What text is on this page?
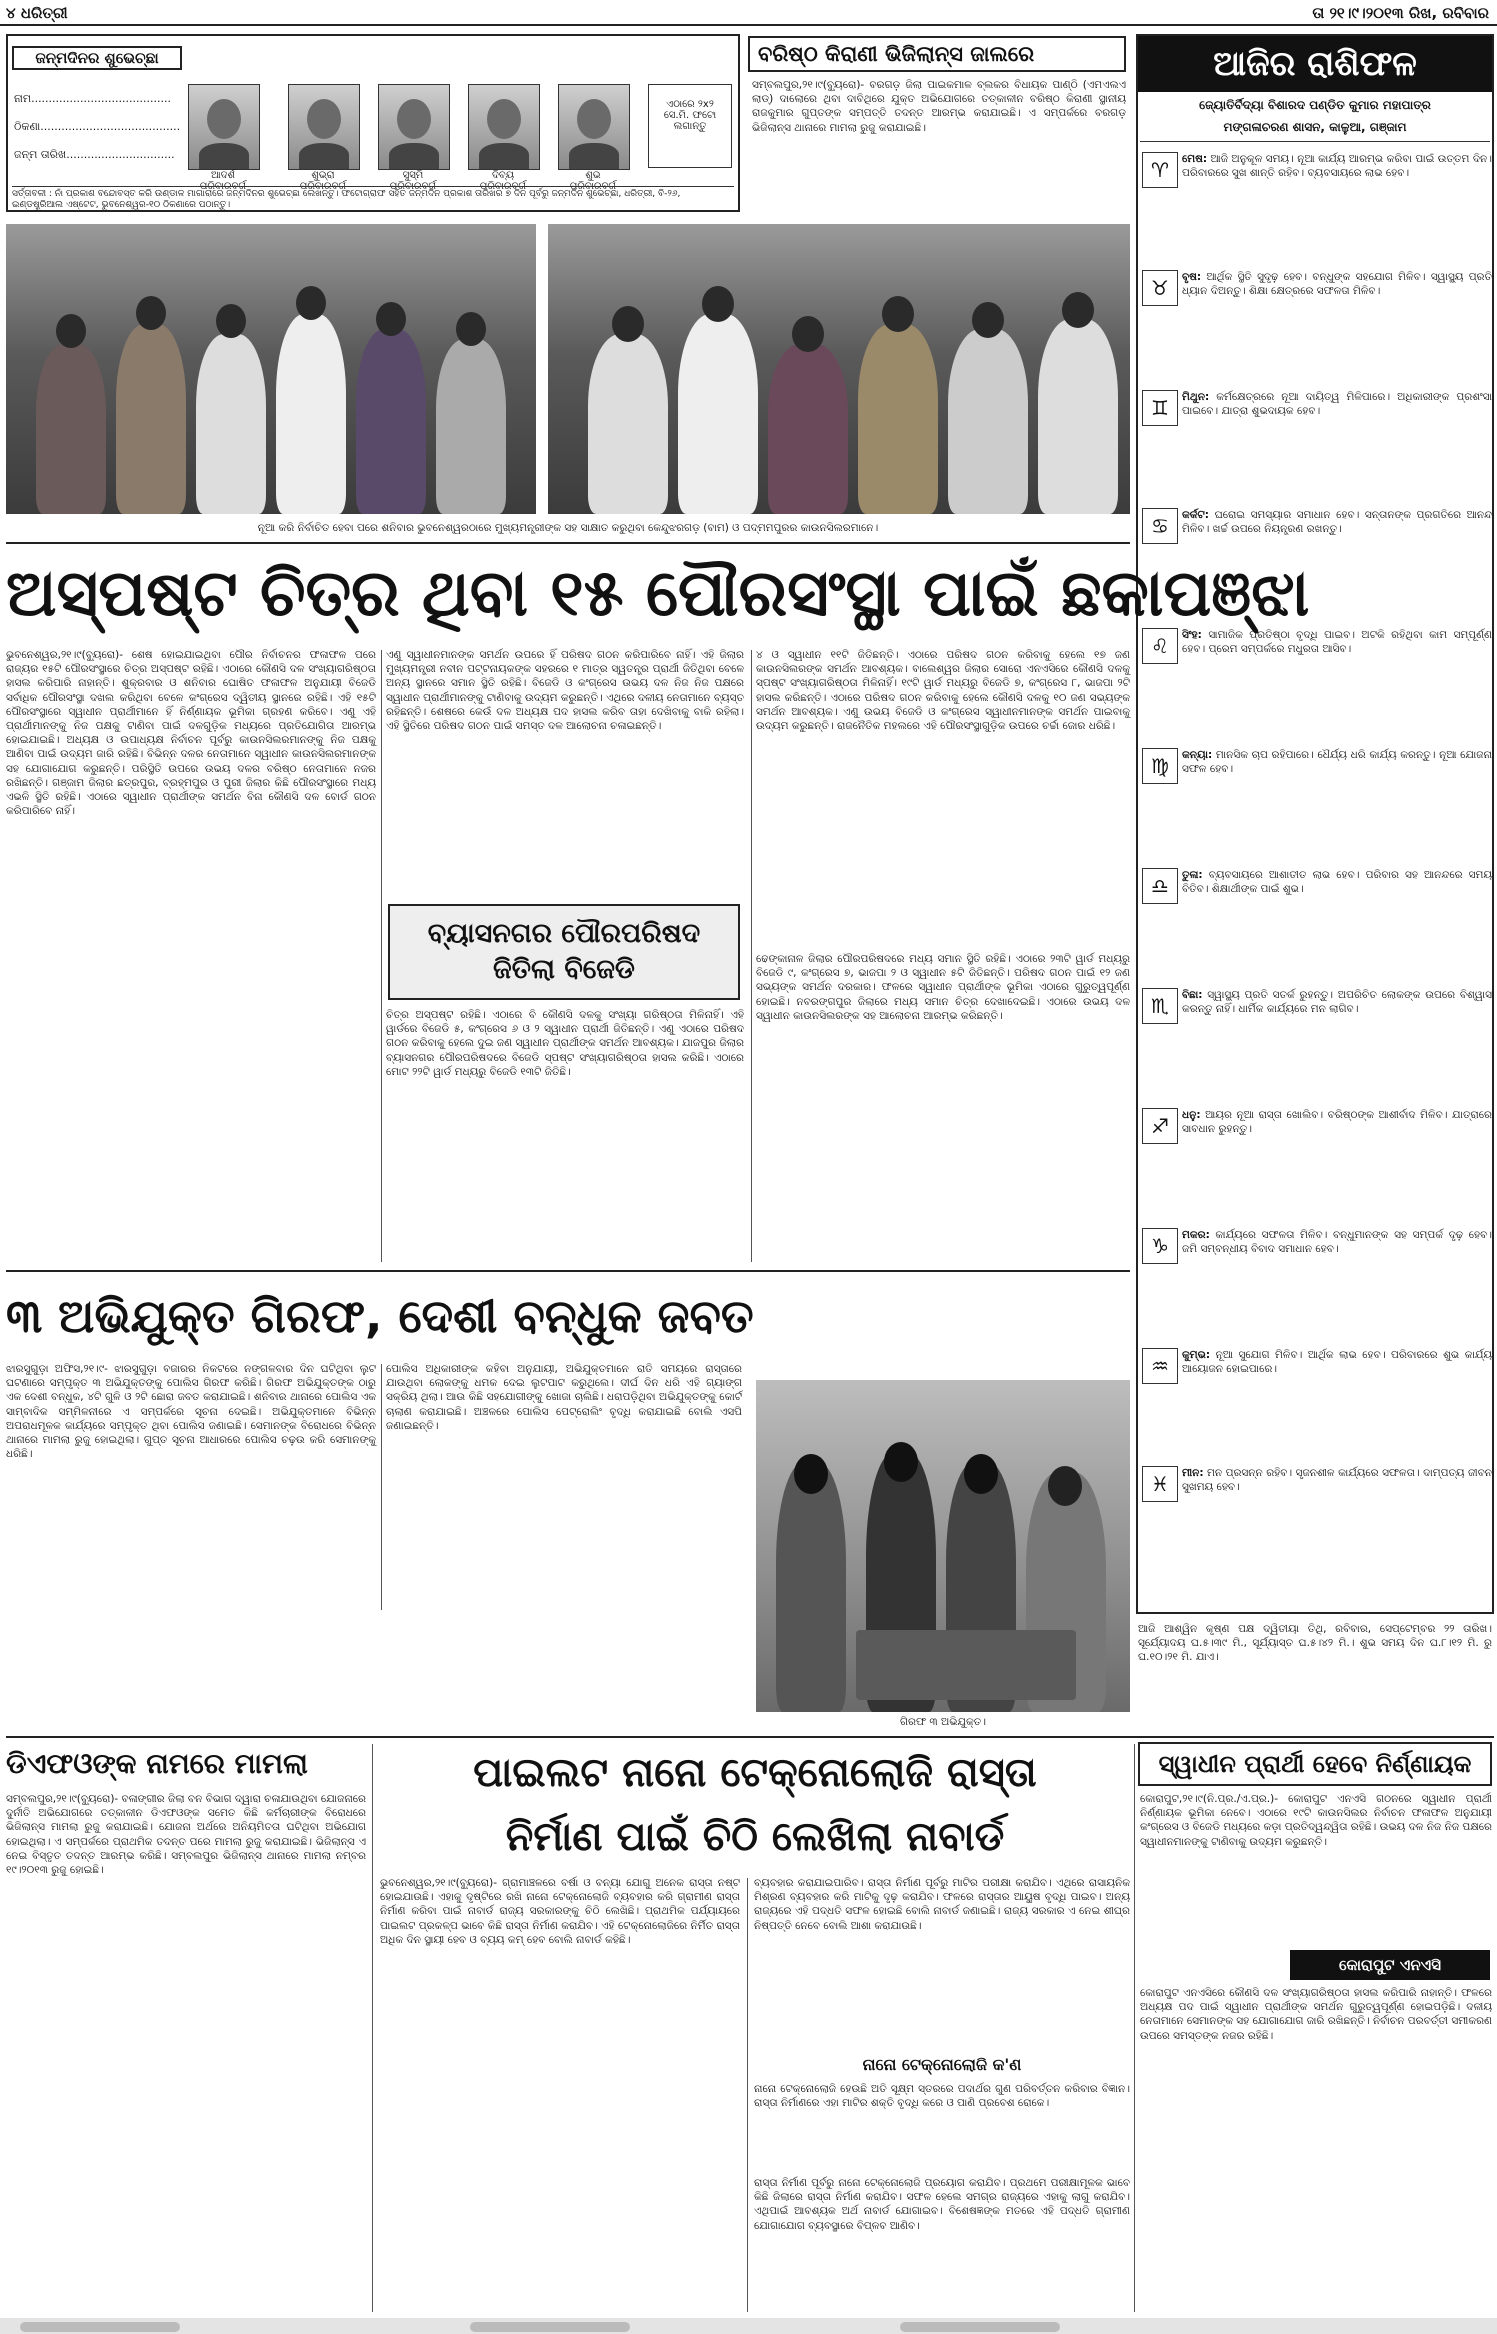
୪ ଧରିତ୍ରୀ	ତା ୨୧।୯।୨୦୧୩ ରିଖ, ରବିବାର
ଜନ୍ମଦିନର ଶୁଭେଚ୍ଛା
ନାମ........................................
ଠିକଣା........................................
ଜନ୍ମ ତାରିଖ...............................
ଆଦର୍ଶ
ପରିବାରବର୍ଗ
ଶୁଭ୍ରା
ପରିବାରବର୍ଗ
ସୁସ୍ମି
ପରିବାରବର୍ଗ
ଦିବ୍ୟ
ପରିବାରବର୍ଗ
ଶୁଭ
ପରିବାରବର୍ଗ
ଏଠାରେ ୨x୨ ସେ.ମି. ଫଟୋ ଲଗାନ୍ତୁ
ସର୍ତ୍ତାବଳୀ : ନାଁ ପ୍ରକାଶ ବନ୍ଦୋବସ୍ତ କରି ଉଣ୍ଡାଳ ମାଗାରାରେ ଜନ୍ମଦିନର ଶୁଭେଚ୍ଛା ଲେଖନ୍ତୁ। ଫଟୋଗ୍ରାଫ ସହିତ ଜନ୍ମଦିନ ପ୍ରକାଶ ତାରିଖର ୭ ଦିନ ପୂର୍ବରୁ ଜନ୍ମଦିନ ଶୁଭେଚ୍ଛା, ଧରିତ୍ରୀ, ବି-୨୬, ଇଣ୍ଡଷ୍ଟ୍ରିଆଲ ଏଷ୍ଟେଟ, ଭୁବନେଶ୍ୱର-୧୦ ଠିକଣାରେ ପଠାନ୍ତୁ।
ବରିଷ୍ଠ କିରାଣୀ ଭିଜିଲାନ୍ସ ଜାଲରେ
ସମ୍ବଲପୁର,୨୧।୯(ବ୍ୟୁରୋ)- ବରଗଡ଼ ଜିଲା ପାଇକମାଳ ବ୍ଲକର ବିଧାୟକ ପାଣ୍ଠି (ଏମଏଲଏ ଲାଡ୍) ଦାଲୋରେ ଥିବା ଦାବିଥିରେ ଯୁକ୍ତ ଅଭିଯୋଗରେ ତତ୍କାଳୀନ ବରିଷ୍ଠ କିରାଣୀ ସ୍ଥାନୀୟ ରାଜକୁମାର ଗୁପ୍ତଙ୍କ ସମ୍ପତ୍ତି ତଦନ୍ତ ଆରମ୍ଭ କରାଯାଇଛି। ଏ ସମ୍ପର୍କରେ ବରଗଡ଼ ଭିଜିଲାନ୍ସ ଥାନାରେ ମାମଲା ରୁଜୁ କରାଯାଇଛି।
ଆଜିର ରାଶିଫଳ
ଜ୍ୟୋତିର୍ବିଦ୍ୟା ବିଶାରଦ ପଣ୍ଡିତ କୁମାର ମହାପାତ୍ର
ମଙ୍ଗଳାଚରଣ ଶାସନ, କାଳୁଆ, ଗଞ୍ଜାମ
♈	ମେଷ: ଆଜି ଅନୁକୂଳ ସମୟ। ନୂଆ କାର୍ଯ୍ୟ ଆରମ୍ଭ କରିବା ପାଇଁ ଉତ୍ତମ ଦିନ। ପରିବାରରେ ସୁଖ ଶାନ୍ତି ରହିବ। ବ୍ୟବସାୟରେ ଲାଭ ହେବ।
♉	ବୃଷ: ଆର୍ଥିକ ସ୍ଥିତି ସୁଦୃଢ଼ ହେବ। ବନ୍ଧୁଙ୍କ ସହଯୋଗ ମିଳିବ। ସ୍ୱାସ୍ଥ୍ୟ ପ୍ରତି ଧ୍ୟାନ ଦିଅନ୍ତୁ। ଶିକ୍ଷା କ୍ଷେତ୍ରରେ ସଫଳତା ମିଳିବ।
♊	ମିଥୁନ: କର୍ମକ୍ଷେତ୍ରରେ ନୂଆ ଦାୟିତ୍ୱ ମିଳିପାରେ। ଅଧିକାରୀଙ୍କ ପ୍ରଶଂସା ପାଇବେ। ଯାତ୍ରା ଶୁଭଦାୟକ ହେବ।
♋	କର୍କଟ: ଘରୋଇ ସମସ୍ୟାର ସମାଧାନ ହେବ। ସନ୍ତାନଙ୍କ ପ୍ରଗତିରେ ଆନନ୍ଦ ମିଳିବ। ଖର୍ଚ୍ଚ ଉପରେ ନିୟନ୍ତ୍ରଣ ରଖନ୍ତୁ।
♌	ସିଂହ: ସାମାଜିକ ପ୍ରତିଷ୍ଠା ବୃଦ୍ଧି ପାଇବ। ଅଟକି ରହିଥିବା କାମ ସମ୍ପୂର୍ଣ୍ଣ ହେବ। ପ୍ରେମ ସମ୍ପର୍କରେ ମଧୁରତା ଆସିବ।
♍	କନ୍ୟା: ମାନସିକ ଚାପ ରହିପାରେ। ଧୈର୍ଯ୍ୟ ଧରି କାର୍ଯ୍ୟ କରନ୍ତୁ। ନୂଆ ଯୋଜନା ସଫଳ ହେବ।
♎	ତୁଳା: ବ୍ୟବସାୟରେ ଆଶାତୀତ ଲାଭ ହେବ। ପରିବାର ସହ ଆନନ୍ଦରେ ସମୟ ବିତିବ। ଶିକ୍ଷାର୍ଥୀଙ୍କ ପାଇଁ ଶୁଭ।
♏	ବିଛା: ସ୍ୱାସ୍ଥ୍ୟ ପ୍ରତି ସତର୍କ ରୁହନ୍ତୁ। ଅପରିଚିତ ଲୋକଙ୍କ ଉପରେ ବିଶ୍ୱାସ କରନ୍ତୁ ନାହିଁ। ଧାର୍ମିକ କାର୍ଯ୍ୟରେ ମନ ଲାଗିବ।
♐	ଧନୁ: ଆୟର ନୂଆ ରାସ୍ତା ଖୋଲିବ। ବରିଷ୍ଠଙ୍କ ଆଶୀର୍ବାଦ ମିଳିବ। ଯାତ୍ରାରେ ସାବଧାନ ରୁହନ୍ତୁ।
♑	ମକର: କାର୍ଯ୍ୟରେ ସଫଳତା ମିଳିବ। ବନ୍ଧୁମାନଙ୍କ ସହ ସମ୍ପର୍କ ଦୃଢ଼ ହେବ। ଜମି ସମ୍ବନ୍ଧୀୟ ବିବାଦ ସମାଧାନ ହେବ।
♒	କୁମ୍ଭ: ନୂଆ ସୁଯୋଗ ମିଳିବ। ଆର୍ଥିକ ଲାଭ ହେବ। ପରିବାରରେ ଶୁଭ କାର୍ଯ୍ୟ ଆୟୋଜନ ହୋଇପାରେ।
♓	ମୀନ: ମନ ପ୍ରସନ୍ନ ରହିବ। ସୃଜନଶୀଳ କାର୍ଯ୍ୟରେ ସଫଳତା। ଦାମ୍ପତ୍ୟ ଜୀବନ ସୁଖମୟ ହେବ।
ଆଜି ଆଶ୍ୱିନ କୃଷ୍ଣ ପକ୍ଷ ଦ୍ୱିତୀୟା ତିଥି, ରବିବାର, ସେପ୍ଟେମ୍ବର ୨୨ ତାରିଖ। ସୂର୍ଯ୍ୟୋଦୟ ଘ.୫।୩୯ ମି., ସୂର୍ଯ୍ୟାସ୍ତ ଘ.୫।୪୨ ମି.। ଶୁଭ ସମୟ ଦିନ ଘ.୮।୧୨ ମି. ରୁ ଘ.୧୦।୨୧ ମି. ଯାଏ।
ନୂଆ କରି ନିର୍ବାଚିତ ହେବା ପରେ ଶନିବାର ଭୁବନେଶ୍ୱରଠାରେ ମୁଖ୍ୟମନ୍ତ୍ରୀଙ୍କ ସହ ସାକ୍ଷାତ କରୁଥିବା କେନ୍ଦୁଝରଗଡ଼ (ବାମ) ଓ ପଦ୍ମମପୁରର କାଉନସିଲରମାନେ।
ଅସ୍ପଷ୍ଟ ଚିତ୍ର ଥିବା ୧୫ ପୌରସଂସ୍ଥା ପାଇଁ ଛକାପଞ୍ଝା
ଭୁବନେଶ୍ୱର,୨୧।୯(ବ୍ୟୁରୋ)- ଶେଷ ହୋଇଯାଇଥିବା ପୌର ନିର୍ବାଚନର ଫଳାଫଳ ପରେ ରାଜ୍ୟର ୧୫ଟି ପୌରସଂସ୍ଥାରେ ଚିତ୍ର ଅସ୍ପଷ୍ଟ ରହିଛି। ଏଠାରେ କୌଣସି ଦଳ ସଂଖ୍ୟାଗରିଷ୍ଠତା ହାସଲ କରିପାରି ନାହାନ୍ତି। ଶୁକ୍ରବାର ଓ ଶନିବାର ଘୋଷିତ ଫଳାଫଳ ଅନୁଯାୟୀ ବିଜେଡି ସର୍ବାଧିକ ପୌରସଂସ୍ଥା ଦଖଲ କରିଥିବା ବେଳେ କଂଗ୍ରେସ ଦ୍ୱିତୀୟ ସ୍ଥାନରେ ରହିଛି। ଏହି ୧୫ଟି ପୌରସଂସ୍ଥାରେ ସ୍ୱାଧୀନ ପ୍ରାର୍ଥୀମାନେ ହିଁ ନିର୍ଣ୍ଣାୟକ ଭୂମିକା ଗ୍ରହଣ କରିବେ। ଏଣୁ ଏହି ପ୍ରାର୍ଥୀମାନଙ୍କୁ ନିଜ ପକ୍ଷକୁ ଟାଣିବା ପାଇଁ ଦଳଗୁଡ଼ିକ ମଧ୍ୟରେ ପ୍ରତିଯୋଗିତା ଆରମ୍ଭ ହୋଇଯାଇଛି। ଅଧ୍ୟକ୍ଷ ଓ ଉପାଧ୍ୟକ୍ଷ ନିର୍ବାଚନ ପୂର୍ବରୁ କାଉନସିଲରମାନଙ୍କୁ ନିଜ ପକ୍ଷକୁ ଆଣିବା ପାଇଁ ଉଦ୍ୟମ ଜାରି ରହିଛି। ବିଭିନ୍ନ ଦଳର ନେତାମାନେ ସ୍ୱାଧୀନ କାଉନସିଲରମାନଙ୍କ ସହ ଯୋଗାଯୋଗ କରୁଛନ୍ତି। ପରିସ୍ଥିତି ଉପରେ ଉଭୟ ଦଳର ବରିଷ୍ଠ ନେତାମାନେ ନଜର ରଖିଛନ୍ତି। ଗଞ୍ଜାମ ଜିଲାର ଛତ୍ରପୁର, ବ୍ରହ୍ମପୁର ଓ ପୁରୀ ଜିଲାର କିଛି ପୌରସଂସ୍ଥାରେ ମଧ୍ୟ ଏଭଳି ସ୍ଥିତି ରହିଛି। ଏଠାରେ ସ୍ୱାଧୀନ ପ୍ରାର୍ଥୀଙ୍କ ସମର୍ଥନ ବିନା କୌଣସି ଦଳ ବୋର୍ଡ ଗଠନ କରିପାରିବେ ନାହିଁ।
ଏଣୁ ସ୍ୱାଧୀନମାନଙ୍କ ସମର୍ଥନ ଉପରେ ହିଁ ପରିଷଦ ଗଠନ କରିପାରିବେ ନାହିଁ। ଏହି ଜିଲାର ମୁଖ୍ୟମନ୍ତ୍ରୀ ନବୀନ ପଟ୍ଟନାୟକଙ୍କ ସହରରେ ୧ ମାତ୍ର ସ୍ୱତନ୍ତ୍ର ପ୍ରାର୍ଥୀ ଜିତିଥିବା ବେଳେ ଅନ୍ୟ ସ୍ଥାନରେ ସମାନ ସ୍ଥିତି ରହିଛି। ବିଜେଡି ଓ କଂଗ୍ରେସ ଉଭୟ ଦଳ ନିଜ ନିଜ ପକ୍ଷରେ ସ୍ୱାଧୀନ ପ୍ରାର୍ଥୀମାନଙ୍କୁ ଟାଣିବାକୁ ଉଦ୍ୟମ କରୁଛନ୍ତି। ଏଥିରେ ଦଳୀୟ ନେତାମାନେ ବ୍ୟସ୍ତ ରହିଛନ୍ତି। ଶେଷରେ କେଉଁ ଦଳ ଅଧ୍ୟକ୍ଷ ପଦ ହାସଲ କରିବ ତାହା ଦେଖିବାକୁ ବାକି ରହିଲା। ଏହି ସ୍ଥିତିରେ ପରିଷଦ ଗଠନ ପାଇଁ ସମସ୍ତ ଦଳ ଆଲୋଚନା ଚଳାଇଛନ୍ତି।
ବ୍ୟାସନଗର ପୌରପରିଷଦ ଜିତିଲା ବିଜେଡି
ଚିତ୍ର ଅସ୍ପଷ୍ଟ ରହିଛି। ଏଠାରେ ବି କୌଣସି ଦଳକୁ ସଂଖ୍ୟା ଗରିଷ୍ଠତା ମିଳିନାହିଁ। ଏହି ୱାର୍ଡରେ ବିଜେଡି ୫, କଂଗ୍ରେସ ୬ ଓ ୨ ସ୍ୱାଧୀନ ପ୍ରାର୍ଥୀ ଜିତିଛନ୍ତି। ଏଣୁ ଏଠାରେ ପରିଷଦ ଗଠନ କରିବାକୁ ହେଲେ ଦୁଇ ଜଣ ସ୍ୱାଧୀନ ପ୍ରାର୍ଥୀଙ୍କ ସମର୍ଥନ ଆବଶ୍ୟକ। ଯାଜପୁର ଜିଲାର ବ୍ୟାସନଗର ପୌରପରିଷଦରେ ବିଜେଡି ସ୍ପଷ୍ଟ ସଂଖ୍ୟାଗରିଷ୍ଠତା ହାସଲ କରିଛି। ଏଠାରେ ମୋଟ ୨୨ଟି ୱାର୍ଡ ମଧ୍ୟରୁ ବିଜେଡି ୧୩ଟି ଜିତିଛି।
୪ ଓ ସ୍ୱାଧୀନ ୧୧ଟି ଜିତିଛନ୍ତି। ଏଠାରେ ପରିଷଦ ଗଠନ କରିବାକୁ ହେଲେ ୧୭ ଜଣ କାଉନସିଲରଙ୍କ ସମର୍ଥନ ଆବଶ୍ୟକ। ବାଲେଶ୍ୱର ଜିଲାର ସୋରୋ ଏନଏସିରେ କୌଣସି ଦଳକୁ ସ୍ପଷ୍ଟ ସଂଖ୍ୟାଗରିଷ୍ଠତା ମିଳିନାହିଁ। ୧୯ଟି ୱାର୍ଡ ମଧ୍ୟରୁ ବିଜେଡି ୭, କଂଗ୍ରେସ ୮, ଭାଜପା ୨ଟି ହାସଲ କରିଛନ୍ତି। ଏଠାରେ ପରିଷଦ ଗଠନ କରିବାକୁ ହେଲେ କୌଣସି ଦଳକୁ ୧୦ ଜଣ ସଭ୍ୟଙ୍କ ସମର୍ଥନ ଆବଶ୍ୟକ। ଏଣୁ ଉଭୟ ବିଜେଡି ଓ କଂଗ୍ରେସ ସ୍ୱାଧୀନମାନଙ୍କ ସମର୍ଥନ ପାଇବାକୁ ଉଦ୍ୟମ କରୁଛନ୍ତି। ରାଜନୈତିକ ମହଲରେ ଏହି ପୌରସଂସ୍ଥାଗୁଡ଼ିକ ଉପରେ ଚର୍ଚ୍ଚା ଜୋର ଧରିଛି।
ଢେଙ୍କାନାଳ ଜିଲାର ପୌରପରିଷଦରେ ମଧ୍ୟ ସମାନ ସ୍ଥିତି ରହିଛି। ଏଠାରେ ୨୩ଟି ୱାର୍ଡ ମଧ୍ୟରୁ ବିଜେଡି ୯, କଂଗ୍ରେସ ୭, ଭାଜପା ୨ ଓ ସ୍ୱାଧୀନ ୫ଟି ଜିତିଛନ୍ତି। ପରିଷଦ ଗଠନ ପାଇଁ ୧୨ ଜଣ ସଭ୍ୟଙ୍କ ସମର୍ଥନ ଦରକାର। ଫଳରେ ସ୍ୱାଧୀନ ପ୍ରାର୍ଥୀଙ୍କ ଭୂମିକା ଏଠାରେ ଗୁରୁତ୍ୱପୂର୍ଣ୍ଣ ହୋଇଛି। ନବରଙ୍ଗପୁର ଜିଲାରେ ମଧ୍ୟ ସମାନ ଚିତ୍ର ଦେଖାଦେଇଛି। ଏଠାରେ ଉଭୟ ଦଳ ସ୍ୱାଧୀନ କାଉନସିଲରଙ୍କ ସହ ଆଲୋଚନା ଆରମ୍ଭ କରିଛନ୍ତି।
୩ ଅଭିଯୁକ୍ତ ଗିରଫ, ଦେଶୀ ବନ୍ଧୁକ ଜବତ
ଝାରସୁଗୁଡ଼ା ଅଫିସ,୨୧।୯- ଝାରସୁଗୁଡ଼ା ବଜାରର ନିକଟରେ ନଙ୍ଗଳବାର ଦିନ ଘଟିଥିବା ଲୁଟ ଘଟଣାରେ ସମ୍ପୃକ୍ତ ୩ ଅଭିଯୁକ୍ତଙ୍କୁ ପୋଲିସ ଗିରଫ କରିଛି। ଗିରଫ ଅଭିଯୁକ୍ତଙ୍କ ଠାରୁ ଏକ ଦେଶୀ ବନ୍ଧୁକ, ୪ଟି ଗୁଳି ଓ ୨ଟି ଛୋରା ଜବତ କରାଯାଇଛି। ଶନିବାର ଥାନାରେ ପୋଲିସ ଏକ ସାମ୍ବାଦିକ ସମ୍ମିଳନୀରେ ଏ ସମ୍ପର୍କରେ ସୂଚନା ଦେଇଛି। ଅଭିଯୁକ୍ତମାନେ ବିଭିନ୍ନ ଅପରାଧମୂଳକ କାର୍ଯ୍ୟରେ ସମ୍ପୃକ୍ତ ଥିବା ପୋଲିସ ଜଣାଇଛି। ସେମାନଙ୍କ ବିରୋଧରେ ବିଭିନ୍ନ ଥାନାରେ ମାମଲା ରୁଜୁ ହୋଇଥିଲା। ଗୁପ୍ତ ସୂଚନା ଆଧାରରେ ପୋଲିସ ଚଢ଼ଉ କରି ସେମାନଙ୍କୁ ଧରିଛି।
ପୋଲିସ ଅଧିକାରୀଙ୍କ କହିବା ଅନୁଯାୟୀ, ଅଭିଯୁକ୍ତମାନେ ରାତି ସମୟରେ ରାସ୍ତାରେ ଯାଉଥିବା ଲୋକଙ୍କୁ ଧମକ ଦେଇ ଲୁଟପାଟ କରୁଥିଲେ। ଦୀର୍ଘ ଦିନ ଧରି ଏହି ଗ୍ୟାଙ୍ଗ ସକ୍ରିୟ ଥିଲା। ଆଉ କିଛି ସହଯୋଗୀଙ୍କୁ ଖୋଜା ଚାଲିଛି। ଧରାପଡ଼ିଥିବା ଅଭିଯୁକ୍ତଙ୍କୁ କୋର୍ଟ ଚାଲାଣ କରାଯାଇଛି। ଅଞ୍ଚଳରେ ପୋଲିସ ପେଟ୍ରୋଲିଂ ବୃଦ୍ଧି କରାଯାଇଛି ବୋଲି ଏସପି ଜଣାଇଛନ୍ତି।
ଗିରଫ ୩ ଅଭିଯୁକ୍ତ।
ସ୍ୱାଧୀନ ପ୍ରାର୍ଥୀ ହେବେ ନିର୍ଣ୍ଣାୟକ
କୋରାପୁଟ,୨୧।୯(ନି.ପ୍ର./ଏ.ପ୍ର.)- କୋରାପୁଟ ଏନଏସି ଗଠନରେ ସ୍ୱାଧୀନ ପ୍ରାର୍ଥୀ ନିର୍ଣ୍ଣାୟକ ଭୂମିକା ନେବେ। ଏଠାରେ ୧୯ଟି କାଉନସିଲର ନିର୍ବାଚନ ଫଳାଫଳ ଅନୁଯାୟୀ କଂଗ୍ରେସ ଓ ବିଜେଡି ମଧ୍ୟରେ କଡ଼ା ପ୍ରତିଦ୍ୱନ୍ଦ୍ୱିତା ରହିଛି। ଉଭୟ ଦଳ ନିଜ ନିଜ ପକ୍ଷରେ ସ୍ୱାଧୀନମାନଙ୍କୁ ଟାଣିବାକୁ ଉଦ୍ୟମ କରୁଛନ୍ତି।
କୋରାପୁଟ ଏନଏସି
କୋରାପୁଟ ଏନଏସିରେ କୌଣସି ଦଳ ସଂଖ୍ୟାଗରିଷ୍ଠତା ହାସଲ କରିପାରି ନାହାନ୍ତି। ଫଳରେ ଅଧ୍ୟକ୍ଷ ପଦ ପାଇଁ ସ୍ୱାଧୀନ ପ୍ରାର୍ଥୀଙ୍କ ସମର୍ଥନ ଗୁରୁତ୍ୱପୂର୍ଣ୍ଣ ହୋଇପଡ଼ିଛି। ଦଳୀୟ ନେତାମାନେ ସେମାନଙ୍କ ସହ ଯୋଗାଯୋଗ ଜାରି ରଖିଛନ୍ତି। ନିର୍ବାଚନ ପରବର୍ତ୍ତୀ ସମୀକରଣ ଉପରେ ସମସ୍ତଙ୍କ ନଜର ରହିଛି।
ଡିଏଫଓଙ୍କ ନାମରେ ମାମଲା
ସମ୍ବଲପୁର,୨୧।୯(ବ୍ୟୁରୋ)- ବଳାଙ୍ଗୀର ଜିଲା ବନ ବିଭାଗ ଦ୍ୱାରା ଚଳାଯାଉଥିବା ଯୋଜନାରେ ଦୁର୍ନୀତି ଅଭିଯୋଗରେ ତତ୍କାଳୀନ ଡିଏଫଓଙ୍କ ସମେତ କିଛି କର୍ମଚାରୀଙ୍କ ବିରୋଧରେ ଭିଜିଲାନ୍ସ ମାମଲା ରୁଜୁ କରାଯାଇଛି। ଯୋଜନା ଅର୍ଥରେ ଅନିୟମିତତା ଘଟିଥିବା ଅଭିଯୋଗ ହୋଇଥିଲା। ଏ ସମ୍ପର୍କରେ ପ୍ରାଥମିକ ତଦନ୍ତ ପରେ ମାମଲା ରୁଜୁ କରାଯାଇଛି। ଭିଜିଲାନ୍ସ ଏ ନେଇ ବିସ୍ତୃତ ତଦନ୍ତ ଆରମ୍ଭ କରିଛି। ସମ୍ବଲପୁର ଭିଜିଲାନ୍ସ ଥାନାରେ ମାମଲା ନମ୍ବର ୧୯।୨୦୧୩ ରୁଜୁ ହୋଇଛି।
ପାଇଲଟ ନାନୋ ଟେକ୍ନୋଲୋଜି ରାସ୍ତା
ନିର୍ମାଣ ପାଇଁ ଚିଠି ଲେଖିଲା ନାବାର୍ଡ
ଭୁବନେଶ୍ୱର,୨୧।୯(ବ୍ୟୁରୋ)- ଗ୍ରାମାଞ୍ଚଳରେ ବର୍ଷା ଓ ବନ୍ୟା ଯୋଗୁ ଅନେକ ରାସ୍ତା ନଷ୍ଟ ହୋଇଯାଉଛି। ଏହାକୁ ଦୃଷ୍ଟିରେ ରଖି ନାନୋ ଟେକ୍ନୋଲୋଜି ବ୍ୟବହାର କରି ଗ୍ରାମୀଣ ରାସ୍ତା ନିର୍ମାଣ କରିବା ପାଇଁ ନାବାର୍ଡ ରାଜ୍ୟ ସରକାରଙ୍କୁ ଚିଠି ଲେଖିଛି। ପ୍ରାଥମିକ ପର୍ଯ୍ୟାୟରେ ପାଇଲଟ ପ୍ରକଳ୍ପ ଭାବେ କିଛି ରାସ୍ତା ନିର୍ମାଣ କରାଯିବ। ଏହି ଟେକ୍ନୋଲୋଜିରେ ନିର୍ମିତ ରାସ୍ତା ଅଧିକ ଦିନ ସ୍ଥାୟୀ ହେବ ଓ ବ୍ୟୟ କମ୍ ହେବ ବୋଲି ନାବାର୍ଡ କହିଛି।
ବ୍ୟବହାର କରାଯାଇପାରିବ। ରାସ୍ତା ନିର୍ମାଣ ପୂର୍ବରୁ ମାଟିର ପରୀକ୍ଷା କରାଯିବ। ଏଥିରେ ରାସାୟନିକ ମିଶ୍ରଣ ବ୍ୟବହାର କରି ମାଟିକୁ ଦୃଢ଼ କରାଯିବ। ଫଳରେ ରାସ୍ତାର ଆୟୁଷ ବୃଦ୍ଧି ପାଇବ। ଅନ୍ୟ ରାଜ୍ୟରେ ଏହି ପଦ୍ଧତି ସଫଳ ହୋଇଛି ବୋଲି ନାବାର୍ଡ ଜଣାଇଛି। ରାଜ୍ୟ ସରକାର ଏ ନେଇ ଶୀଘ୍ର ନିଷ୍ପତ୍ତି ନେବେ ବୋଲି ଆଶା କରାଯାଉଛି।
ନାନୋ ଟେକ୍ନୋଲୋଜି କ'ଣ
ନାନୋ ଟେକ୍ନୋଲୋଜି ହେଉଛି ଅତି ସୂକ୍ଷ୍ମ ସ୍ତରରେ ପଦାର୍ଥର ଗୁଣ ପରିବର୍ତ୍ତନ କରିବାର ବିଜ୍ଞାନ। ରାସ୍ତା ନିର୍ମାଣରେ ଏହା ମାଟିର ଶକ୍ତି ବୃଦ୍ଧି କରେ ଓ ପାଣି ପ୍ରବେଶ ରୋକେ।
ରାସ୍ତା ନିର୍ମାଣ ପୂର୍ବରୁ ନାନୋ ଟେକ୍ନୋଲୋଜି ପ୍ରୟୋଗ କରାଯିବ। ପ୍ରଥମେ ପରୀକ୍ଷାମୂଳକ ଭାବେ କିଛି ଜିଲାରେ ରାସ୍ତା ନିର୍ମାଣ କରାଯିବ। ସଫଳ ହେଲେ ସମଗ୍ର ରାଜ୍ୟରେ ଏହାକୁ ଲାଗୁ କରାଯିବ। ଏଥିପାଇଁ ଆବଶ୍ୟକ ଅର୍ଥ ନାବାର୍ଡ ଯୋଗାଇବ। ବିଶେଷଜ୍ଞଙ୍କ ମତରେ ଏହି ପଦ୍ଧତି ଗ୍ରାମୀଣ ଯୋଗାଯୋଗ ବ୍ୟବସ୍ଥାରେ ବିପ୍ଳବ ଆଣିବ।
